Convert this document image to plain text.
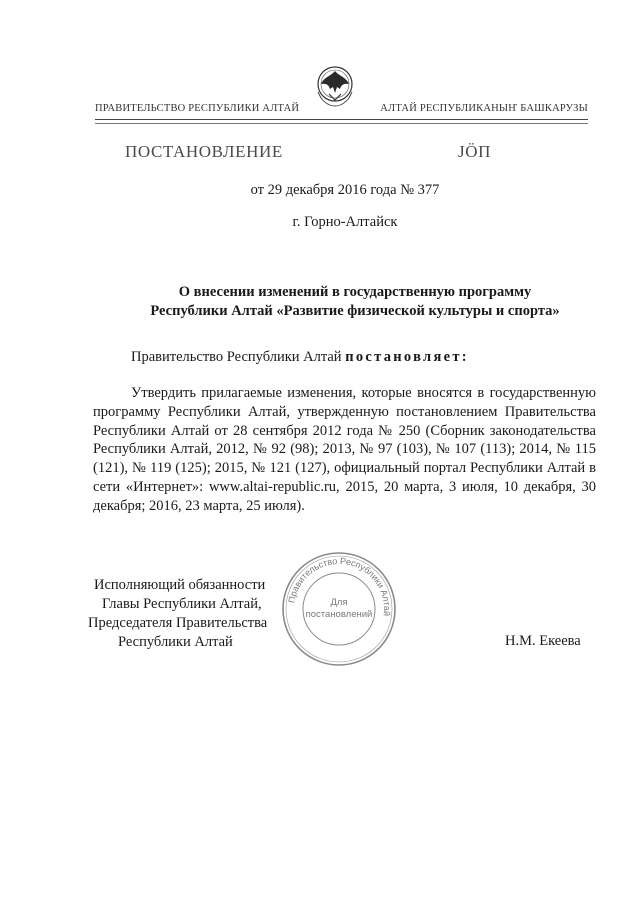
ПРАВИТЕЛЬСТВО РЕСПУБЛИКИ АЛТАЙ	АЛТАЙ РЕСПУБЛИКАНЫҤ БАШКАРУЗЫ
ПОСТАНОВЛЕНИЕ	ЈӦП
от 29 декабря 2016 года № 377
г. Горно-Алтайск
О внесении изменений в государственную программу
Республики Алтай «Развитие физической культуры и спорта»
Правительство Республики Алтай постановляет:
Утвердить прилагаемые изменения, которые вносятся в государственную программу Республики Алтай, утвержденную постановлением Правительства Республики Алтай от 28 сентября 2012 года № 250 (Сборник законодательства Республики Алтай, 2012, № 92 (98); 2013, № 97 (103), № 107 (113); 2014, № 115 (121), № 119 (125); 2015, № 121 (127), официальный портал Республики Алтай в сети «Интернет»: www.altai-republic.ru, 2015, 20 марта, 3 июля, 10 декабря, 30 декабря; 2016, 23 марта, 25 июля).
Исполняющий обязанности
Главы Республики Алтай,
Председателя Правительства
Республики Алтай	Н.М. Екеева
Правительство Республики Алтай
Для
постановлений
